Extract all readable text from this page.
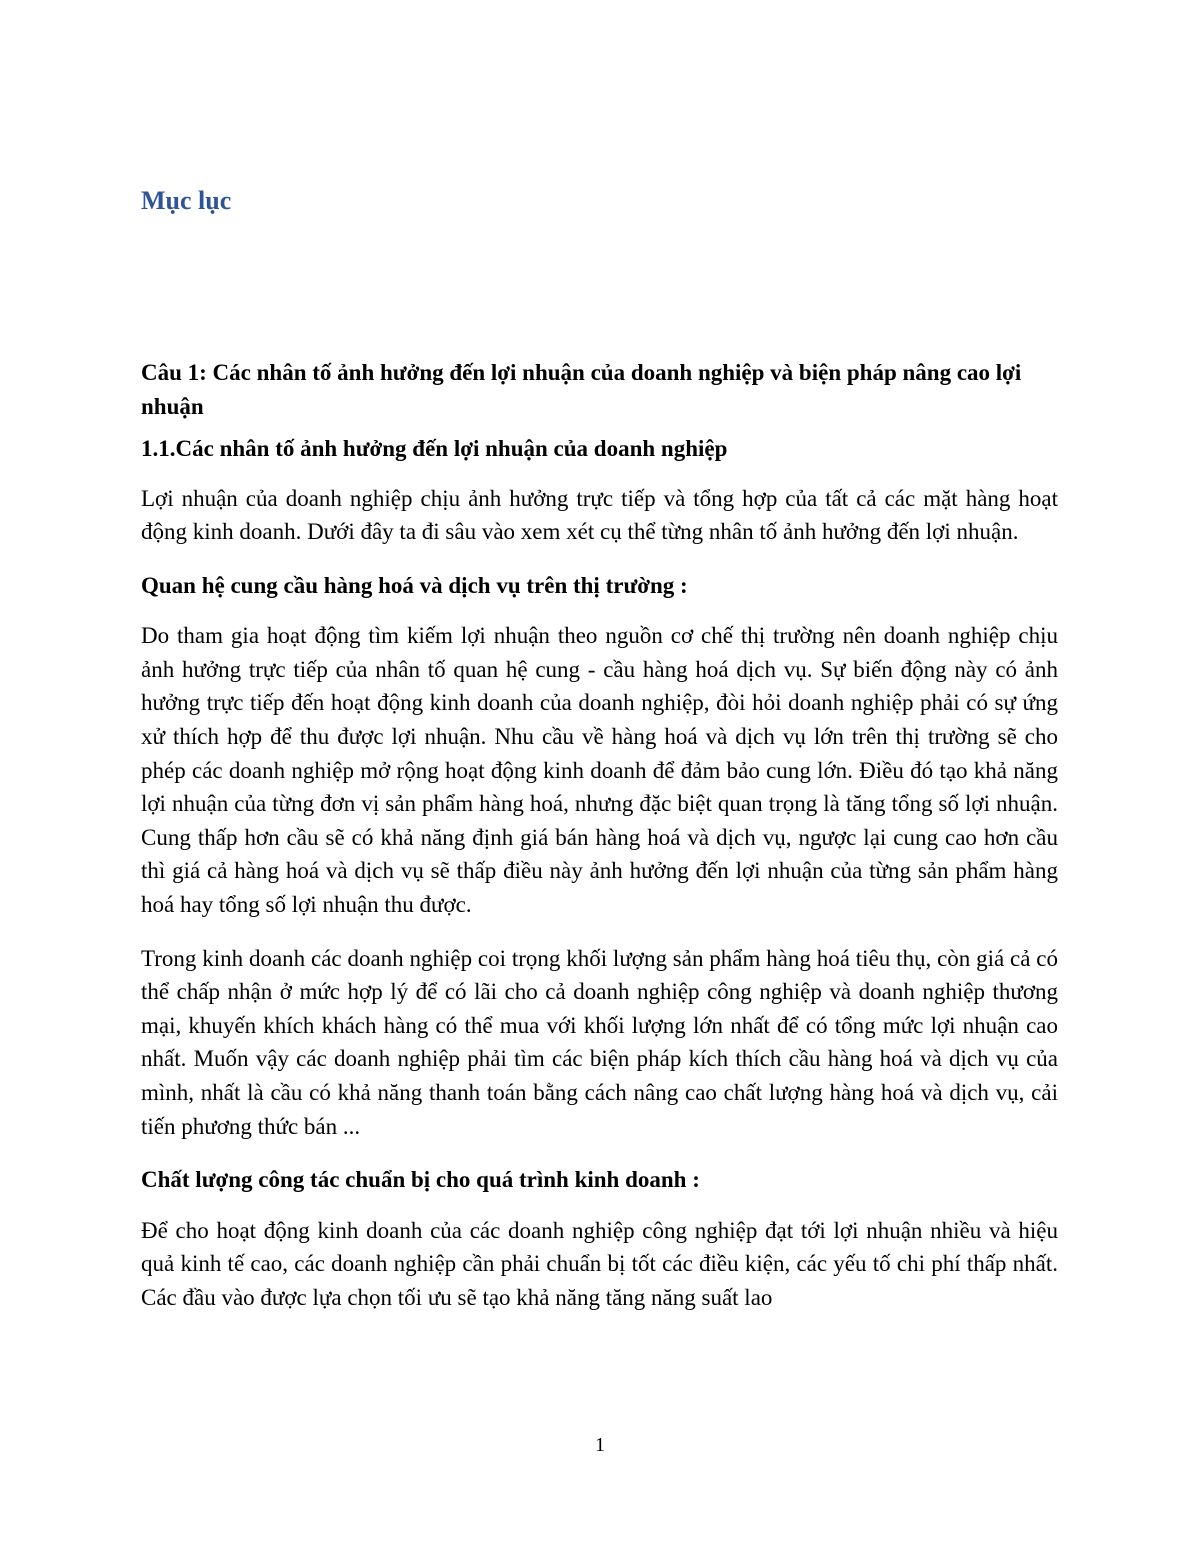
Mục lục

Câu 1: Các nhân tố ảnh hưởng đến lợi nhuận của doanh nghiệp và biện pháp nâng cao lợi nhuận

1.1.Các nhân tố ảnh hưởng đến lợi nhuận của doanh nghiệp

Lợi nhuận của doanh nghiệp chịu ảnh hưởng trực tiếp và tổng hợp của tất cả các mặt hàng hoạt động kinh doanh. Dưới đây ta đi sâu vào xem xét cụ thể từng nhân tố ảnh hưởng đến lợi nhuận.

Quan hệ cung cầu hàng hoá và dịch vụ trên thị trường :

Do tham gia hoạt động tìm kiếm lợi nhuận theo nguồn cơ chế thị trường nên doanh nghiệp chịu ảnh hưởng trực tiếp của nhân tố quan hệ cung - cầu hàng hoá dịch vụ. Sự biến động này có ảnh hưởng trực tiếp đến hoạt động kinh doanh của doanh nghiệp, đòi hỏi doanh nghiệp phải có sự ứng xử thích hợp để thu được lợi nhuận. Nhu cầu về hàng hoá và dịch vụ lớn trên thị trường sẽ cho phép các doanh nghiệp mở rộng hoạt động kinh doanh để đảm bảo cung lớn. Điều đó tạo khả năng lợi nhuận của từng đơn vị sản phẩm hàng hoá, nhưng đặc biệt quan trọng là tăng tổng số lợi nhuận. Cung thấp hơn cầu sẽ có khả năng định giá bán hàng hoá và dịch vụ, ngược lại cung cao hơn cầu thì giá cả hàng hoá và dịch vụ sẽ thấp điều này ảnh hưởng đến lợi nhuận của từng sản phẩm hàng hoá hay tổng số lợi nhuận thu được.

Trong kinh doanh các doanh nghiệp coi trọng khối lượng sản phẩm hàng hoá tiêu thụ, còn giá cả có thể chấp nhận ở mức hợp lý để có lãi cho cả doanh nghiệp công nghiệp và doanh nghiệp thương mại, khuyến khích khách hàng có thể mua với khối lượng lớn nhất để có tổng mức lợi nhuận cao nhất. Muốn vậy các doanh nghiệp phải tìm các biện pháp kích thích cầu hàng hoá và dịch vụ của mình, nhất là cầu có khả năng thanh toán bằng cách nâng cao chất lượng hàng hoá và dịch vụ, cải tiến phương thức bán ...

Chất lượng công tác chuẩn bị cho quá trình kinh doanh :

Để cho hoạt động kinh doanh của các doanh nghiệp công nghiệp đạt tới lợi nhuận nhiều và hiệu quả kinh tế cao, các doanh nghiệp cần phải chuẩn bị tốt các điều kiện, các yếu tố chi phí thấp nhất. Các đầu vào được lựa chọn tối ưu sẽ tạo khả năng tăng năng suất lao

1
